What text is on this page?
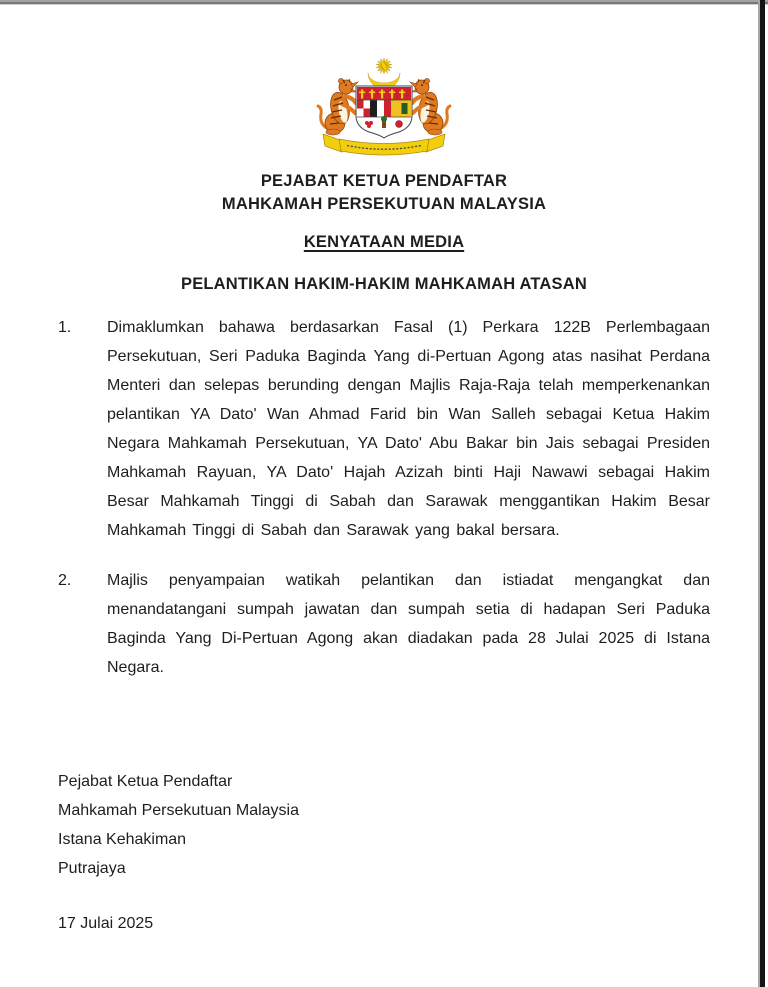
PEJABAT KETUA PENDAFTAR
MAHKAMAH PERSEKUTUAN MALAYSIA
KENYATAAN MEDIA
PELANTIKAN HAKIM-HAKIM MAHKAMAH ATASAN
1.	Dimaklumkan bahawa berdasarkan Fasal (1) Perkara 122B Perlembagaan Persekutuan, Seri Paduka Baginda Yang di-Pertuan Agong atas nasihat Perdana Menteri dan selepas berunding dengan Majlis Raja-Raja telah memperkenankan pelantikan YA Dato' Wan Ahmad Farid bin Wan Salleh sebagai Ketua Hakim Negara Mahkamah Persekutuan, YA Dato' Abu Bakar bin Jais sebagai Presiden Mahkamah Rayuan, YA Dato' Hajah Azizah binti Haji Nawawi sebagai Hakim Besar Mahkamah Tinggi di Sabah dan Sarawak menggantikan Hakim Besar Mahkamah Tinggi di Sabah dan Sarawak yang bakal bersara.

2.	Majlis penyampaian watikah pelantikan dan istiadat mengangkat dan menandatangani sumpah jawatan dan sumpah setia di hadapan Seri Paduka Baginda Yang Di-Pertuan Agong akan diadakan pada 28 Julai 2025 di Istana Negara.

Pejabat Ketua Pendaftar
Mahkamah Persekutuan Malaysia
Istana Kehakiman
Putrajaya
17 Julai 2025
